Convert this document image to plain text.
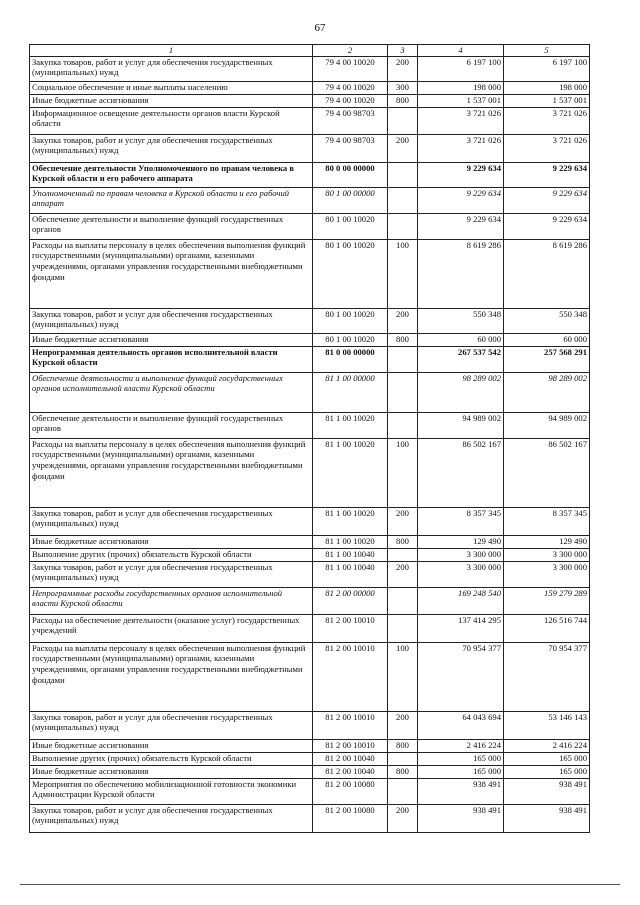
67
1	2	3	4	5
Закупка товаров, работ и услуг для обеспечения государственных (муниципальных) нужд	79 4 00 10020	200	6 197 100	6 197 100
Социальное обеспечение и иные выплаты населению	79 4 00 10020	300	198 000	198 000
Иные бюджетные ассигнования	79 4 00 10020	800	1 537 001	1 537 001
Информационное освещение деятельности органов власти Курской области	79 4 00 98703		3 721 026	3 721 026
Закупка товаров, работ и услуг для обеспечения государственных (муниципальных) нужд	79 4 00 98703	200	3 721 026	3 721 026
Обеспечение деятельности Уполномоченного по правам человека в Курской области и его рабочего аппарата	80 0 00 00000		9 229 634	9 229 634
Уполномоченный по правам человека в Курской области и его рабочий аппарат	80 1 00 00000		9 229 634	9 229 634
Обеспечение деятельности и выполнение функций государственных органов	80 1 00 10020		9 229 634	9 229 634
Расходы на выплаты персоналу в целях обеспечения выполнения функций государственными (муниципальными) органами, казенными учреждениями, органами управления государственными внебюджетными фондами	80 1 00 10020	100	8 619 286	8 619 286
Закупка товаров, работ и услуг для обеспечения государственных (муниципальных) нужд	80 1 00 10020	200	550 348	550 348
Иные бюджетные ассигнования	80 1 00 10020	800	60 000	60 000
Непрограммная деятельность органов исполнительной власти Курской области	81 0 00 00000		267 537 542	257 568 291
Обеспечение деятельности и выполнение функций государственных органов исполнительной власти Курской области	81 1 00 00000		98 289 002	98 289 002
Обеспечение деятельности и выполнение функций государственных органов	81 1 00 10020		94 989 002	94 989 002
Расходы на выплаты персоналу в целях обеспечения выполнения функций государственными (муниципальными) органами, казенными учреждениями, органами управления государственными внебюджетными фондами	81 1 00 10020	100	86 502 167	86 502 167
Закупка товаров, работ и услуг для обеспечения государственных (муниципальных) нужд	81 1 00 10020	200	8 357 345	8 357 345
Иные бюджетные ассигнования	81 1 00 10020	800	129 490	129 490
Выполнение других (прочих) обязательств Курской области	81 1 00 10040		3 300 000	3 300 000
Закупка товаров, работ и услуг для обеспечения государственных (муниципальных) нужд	81 1 00 10040	200	3 300 000	3 300 000
Непрограммные расходы государственных органов исполнительной власти Курской области	81 2 00 00000		169 248 540	159 279 289
Расходы на обеспечение деятельности (оказание услуг) государственных учреждений	81 2 00 10010		137 414 295	126 516 744
Расходы на выплаты персоналу в целях обеспечения выполнения функций государственными (муниципальными) органами, казенными учреждениями, органами управления государственными внебюджетными фондами	81 2 00 10010	100	70 954 377	70 954 377
Закупка товаров, работ и услуг для обеспечения государственных (муниципальных) нужд	81 2 00 10010	200	64 043 694	53 146 143
Иные бюджетные ассигнования	81 2 00 10010	800	2 416 224	2 416 224
Выполнение других (прочих) обязательств Курской области	81 2 00 10040		165 000	165 000
Иные бюджетные ассигнования	81 2 00 10040	800	165 000	165 000
Мероприятия по обеспечению мобилизационной готовности экономики Администрации Курской области	81 2 00 10080		938 491	938 491
Закупка товаров, работ и услуг для обеспечения государственных (муниципальных) нужд	81 2 00 10080	200	938 491	938 491
